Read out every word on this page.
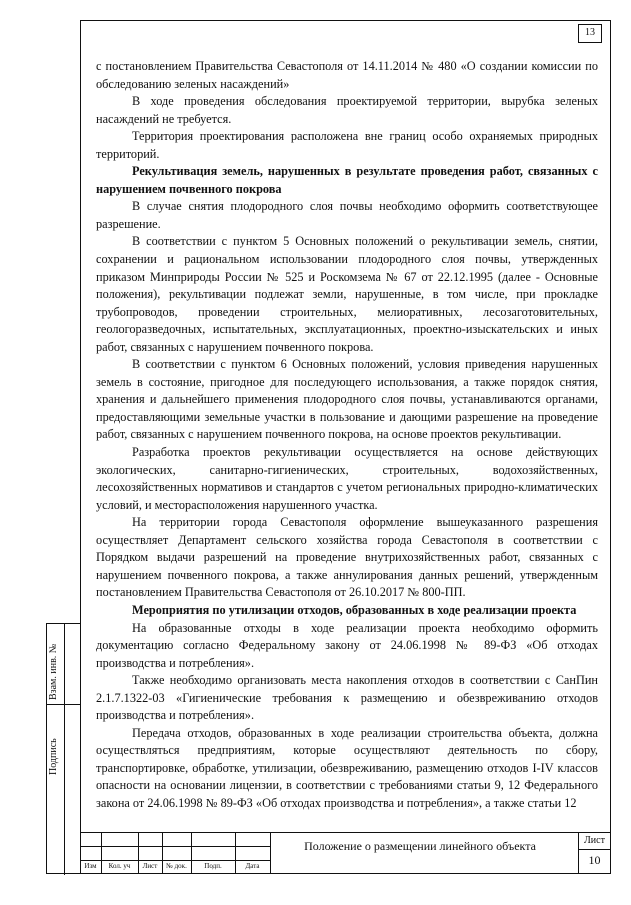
13

с постановлением Правительства Севастополя от 14.11.2014 № 480 «О создании комиссии по обследованию зеленых насаждений»

В ходе проведения обследования проектируемой территории, вырубка зеленых насаждений не требуется.

Территория проектирования расположена вне границ особо охраняемых природных территорий.

Рекультивация земель, нарушенных в результате проведения работ, связанных с нарушением почвенного покрова

В случае снятия плодородного слоя почвы необходимо оформить соответствующее разрешение.

В соответствии с пунктом 5 Основных положений о рекультивации земель, снятии, сохранении и рациональном использовании плодородного слоя почвы, утвержденных приказом Минприроды России № 525 и Роскомзема № 67 от 22.12.1995 (далее - Основные положения), рекультивации подлежат земли, нарушенные, в том числе, при прокладке трубопроводов, проведении строительных, мелиоративных, лесозаготовительных, геологоразведочных, испытательных, эксплуатационных, проектно-изыскательских и иных работ, связанных с нарушением почвенного покрова.

В соответствии с пунктом 6 Основных положений, условия приведения нарушенных земель в состояние, пригодное для последующего использования, а также порядок снятия, хранения и дальнейшего применения плодородного слоя почвы, устанавливаются органами, предоставляющими земельные участки в пользование и дающими разрешение на проведение работ, связанных с нарушением почвенного покрова, на основе проектов рекультивации.

Разработка проектов рекультивации осуществляется на основе действующих экологических, санитарно-гигиенических, строительных, водохозяйственных, лесохозяйственных нормативов и стандартов с учетом региональных природно-климатических условий, и месторасположения нарушенного участка.

На территории города Севастополя оформление вышеуказанного разрешения осуществляет Департамент сельского хозяйства города Севастополя в соответствии с Порядком выдачи разрешений на проведение внутрихозяйственных работ, связанных с нарушением почвенного покрова, а также аннулирования данных решений, утвержденным постановлением Правительства Севастополя от 26.10.2017 № 800-ПП.

Мероприятия по утилизации отходов, образованных в ходе реализации проекта

На образованные отходы в ходе реализации проекта необходимо оформить документацию согласно Федеральному закону от 24.06.1998 № 89-ФЗ «Об отходах производства и потребления».

Также необходимо организовать места накопления отходов в соответствии с СанПин 2.1.7.1322-03 «Гигиенические требования к размещению и обезвреживанию отходов производства и потребления».

Передача отходов, образованных в ходе реализации строительства объекта, должна осуществляться предприятиям, которые осуществляют деятельность по сбору, транспортировке, обработке, утилизации, обезвреживанию, размещению отходов I-IV классов опасности на основании лицензии, в соответствии с требованиями статьи 9, 12 Федерального закона от 24.06.1998 № 89-ФЗ «Об отходах производства и потребления», а также статьи 12

Взам. инв. №
Подпись
Положение о размещении линейного объекта	Лист
10
Изм	Кол. уч	Лист	№ док.	Подп.	Дата
